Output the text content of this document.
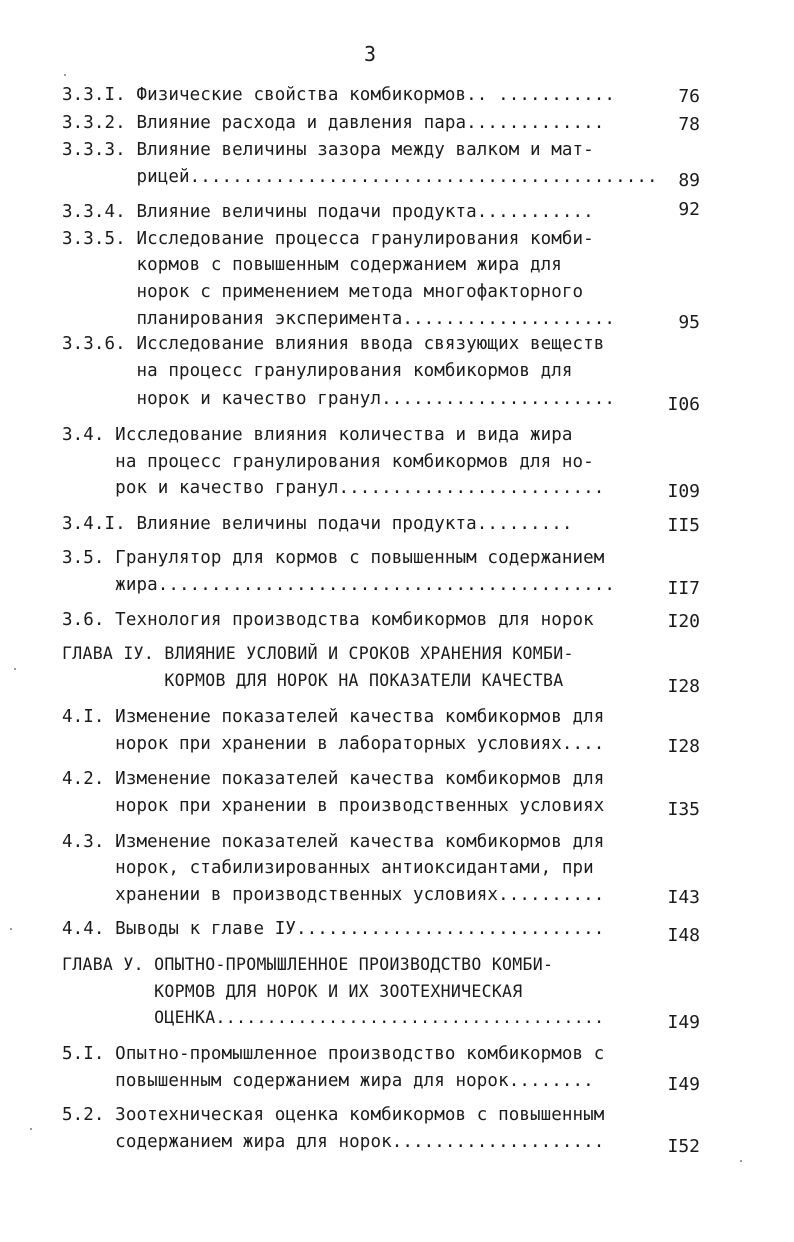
3
3.3.I. Физические свойства комбикормов.. ...........	76
3.3.2. Влияние расхода и давления пара.............	78
3.3.3. Влияние величины зазора между валком и мат-
рицей............................................	89
3.3.4. Влияние величины подачи продукта...........	92
3.3.5. Исследование процесса гранулирования комби-
кормов с повышенным содержанием жира для
норок с применением метода многофакторного
планирования эксперимента....................	95
3.3.6. Исследование влияния ввода связующих веществ
на процесс гранулирования комбикормов для
норок и качество гранул......................	I06
3.4. Исследование влияния количества и вида жира
на процесс гранулирования комбикормов для но-
рок и качество гранул.........................	I09
3.4.I. Влияние величины подачи продукта.........	II5
3.5. Гранулятор для кормов с повышенным содержанием
жира...........................................	II7
3.6. Технология производства комбикормов для норок	I20
ГЛАВА IУ. ВЛИЯНИЕ УСЛОВИЙ И СРОКОВ ХРАНЕНИЯ КОМБИ-
КОРМОВ ДЛЯ НОРОК НА ПОКАЗАТЕЛИ КАЧЕСТВА	I28
4.I. Изменение показателей качества комбикормов для
норок при хранении в лабораторных условиях....	I28
4.2. Изменение показателей качества комбикормов для
норок при хранении в производственных условиях	I35
4.3. Изменение показателей качества комбикормов для
норок, стабилизированных антиоксидантами, при
хранении в производственных условиях..........	I43
4.4. Выводы к главе IУ.............................	I48
ГЛАВА У. ОПЫТНО-ПРОМЫШЛЕННОЕ ПРОИЗВОДСТВО КОМБИ-
КОРМОВ ДЛЯ НОРОК И ИХ ЗООТЕХНИЧЕСКАЯ
ОЦЕНКА......................................	I49
5.I. Опытно-промышленное производство комбикормов с
повышенным содержанием жира для норок........	I49
5.2. Зоотехническая оценка комбикормов с повышенным
содержанием жира для норок....................	I52
